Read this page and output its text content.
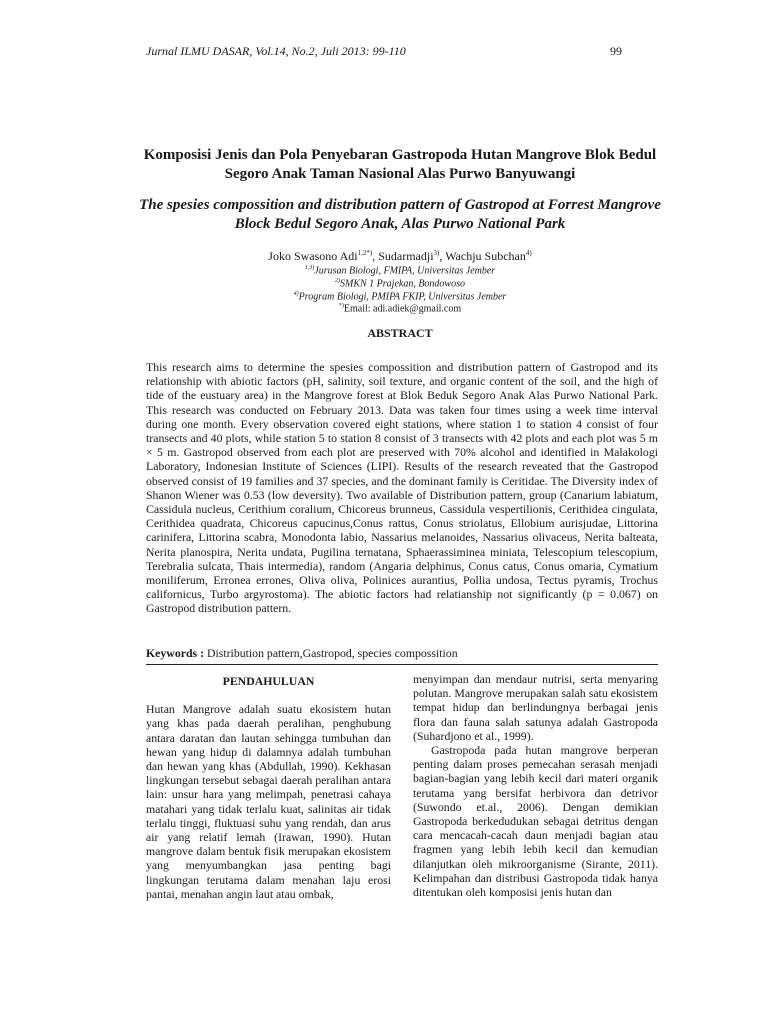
Jurnal ILMU DASAR, Vol.14, No.2, Juli 2013: 99-110	99
Komposisi Jenis dan Pola Penyebaran Gastropoda Hutan Mangrove Blok Bedul Segoro Anak Taman Nasional Alas Purwo Banyuwangi
The spesies compossition and distribution pattern of Gastropod at Forrest Mangrove Block Bedul Segoro Anak, Alas Purwo National Park
Joko Swasono Adi$^{1,2*)}$, Sudarmadji$^{3)}$, Wachju Subchan$^{4)}$
$^{1,3)}$Jurusan Biologi, FMIPA, Universitas Jember
$^{2)}$SMKN 1 Prajekan, Bondowoso
$^{4)}$Program Biologi, PMIPA FKIP, Universitas Jember
*)Email: adi.adiek@gmail.com
ABSTRACT

This research aims to determine the spesies compossition and distribution pattern of Gastropod and its relationship with abiotic factors (pH, salinity, soil texture, and organic content of the soil, and the high of tide of the eustuary area) in the Mangrove forest at Blok Beduk Segoro Anak Alas Purwo National Park. This research was conducted on February 2013. Data was taken four times using a week time interval during one month. Every observation covered eight stations, where station 1 to station 4 consist of four transects and 40 plots, while station 5 to station 8 consist of 3 transects with 42 plots and each plot was 5 m × 5 m. Gastropod observed from each plot are preserved with 70% alcohol and identified in Malakologi Laboratory, Indonesian Institute of Sciences (LIPI). Results of the research reveated that the Gastropod observed consist of 19 families and 37 species, and the dominant family is Ceritidae. The Diversity index of Shanon Wiener was 0.53 (low deversity). Two available of Distribution pattern, group (Canarium labiatum, Cassidula nucleus, Cerithium coralium, Chicoreus brunneus, Cassidula vespertilionis, Cerithidea cingulata, Cerithidea quadrata, Chicoreus capucinus,Conus rattus, Conus striolatus, Ellobium aurisjudae, Littorina carinifera, Littorina scabra, Monodonta labio, Nassarius melanoides, Nassarius olivaceus, Nerita balteata, Nerita planospira, Nerita undata, Pugilina ternatana, Sphaerassiminea miniata, Telescopium telescopium, Terebralia sulcata, Thais intermedia), random (Angaria delphinus, Conus catus, Conus omaria, Cymatium moniliferum, Erronea errones, Oliva oliva, Polinices aurantius, Pollia undosa, Tectus pyramis, Trochus californicus, Turbo argyrostoma). The abiotic factors had relatianship not significantly (p = 0.067) on Gastropod distribution pattern.

Keywords : Distribution pattern,Gastropod, species compossition
PENDAHULUAN

Hutan Mangrove adalah suatu ekosistem hutan yang khas pada daerah peralihan, penghubung antara daratan dan lautan sehingga tumbuhan dan hewan yang hidup di dalamnya adalah tumbuhan dan hewan yang khas (Abdullah, 1990). Kekhasan lingkungan tersebut sebagai daerah peralihan antara lain: unsur hara yang melimpah, penetrasi cahaya matahari yang tidak terlalu kuat, salinitas air tidak terlalu tinggi, fluktuasi suhu yang rendah, dan arus air yang relatif lemah (Irawan, 1990). Hutan mangrove dalam bentuk fisik merupakan ekosistem yang menyumbangkan jasa penting bagi lingkungan terutama dalam menahan laju erosi pantai, menahan angin laut atau ombak,

menyimpan dan mendaur nutrisi, serta menyaring polutan. Mangrove merupakan salah satu ekosistem tempat hidup dan berlindungnya berbagai jenis flora dan fauna salah satunya adalah Gastropoda (Suhardjono et al., 1999).

Gastropoda pada hutan mangrove berperan penting dalam proses pemecahan serasah menjadi bagian-bagian yang lebih kecil dari materi organik terutama yang bersifat herbivora dan detrivor (Suwondo et.al., 2006). Dengan demikian Gastropoda berkedudukan sebagai detritus dengan cara mencacah-cacah daun menjadi bagian atau fragmen yang lebih lebih kecil dan kemudian dilanjutkan oleh mikroorganisme (Sirante, 2011). Kelimpahan dan distribusi Gastropoda tidak hanya ditentukan oleh komposisi jenis hutan dan
